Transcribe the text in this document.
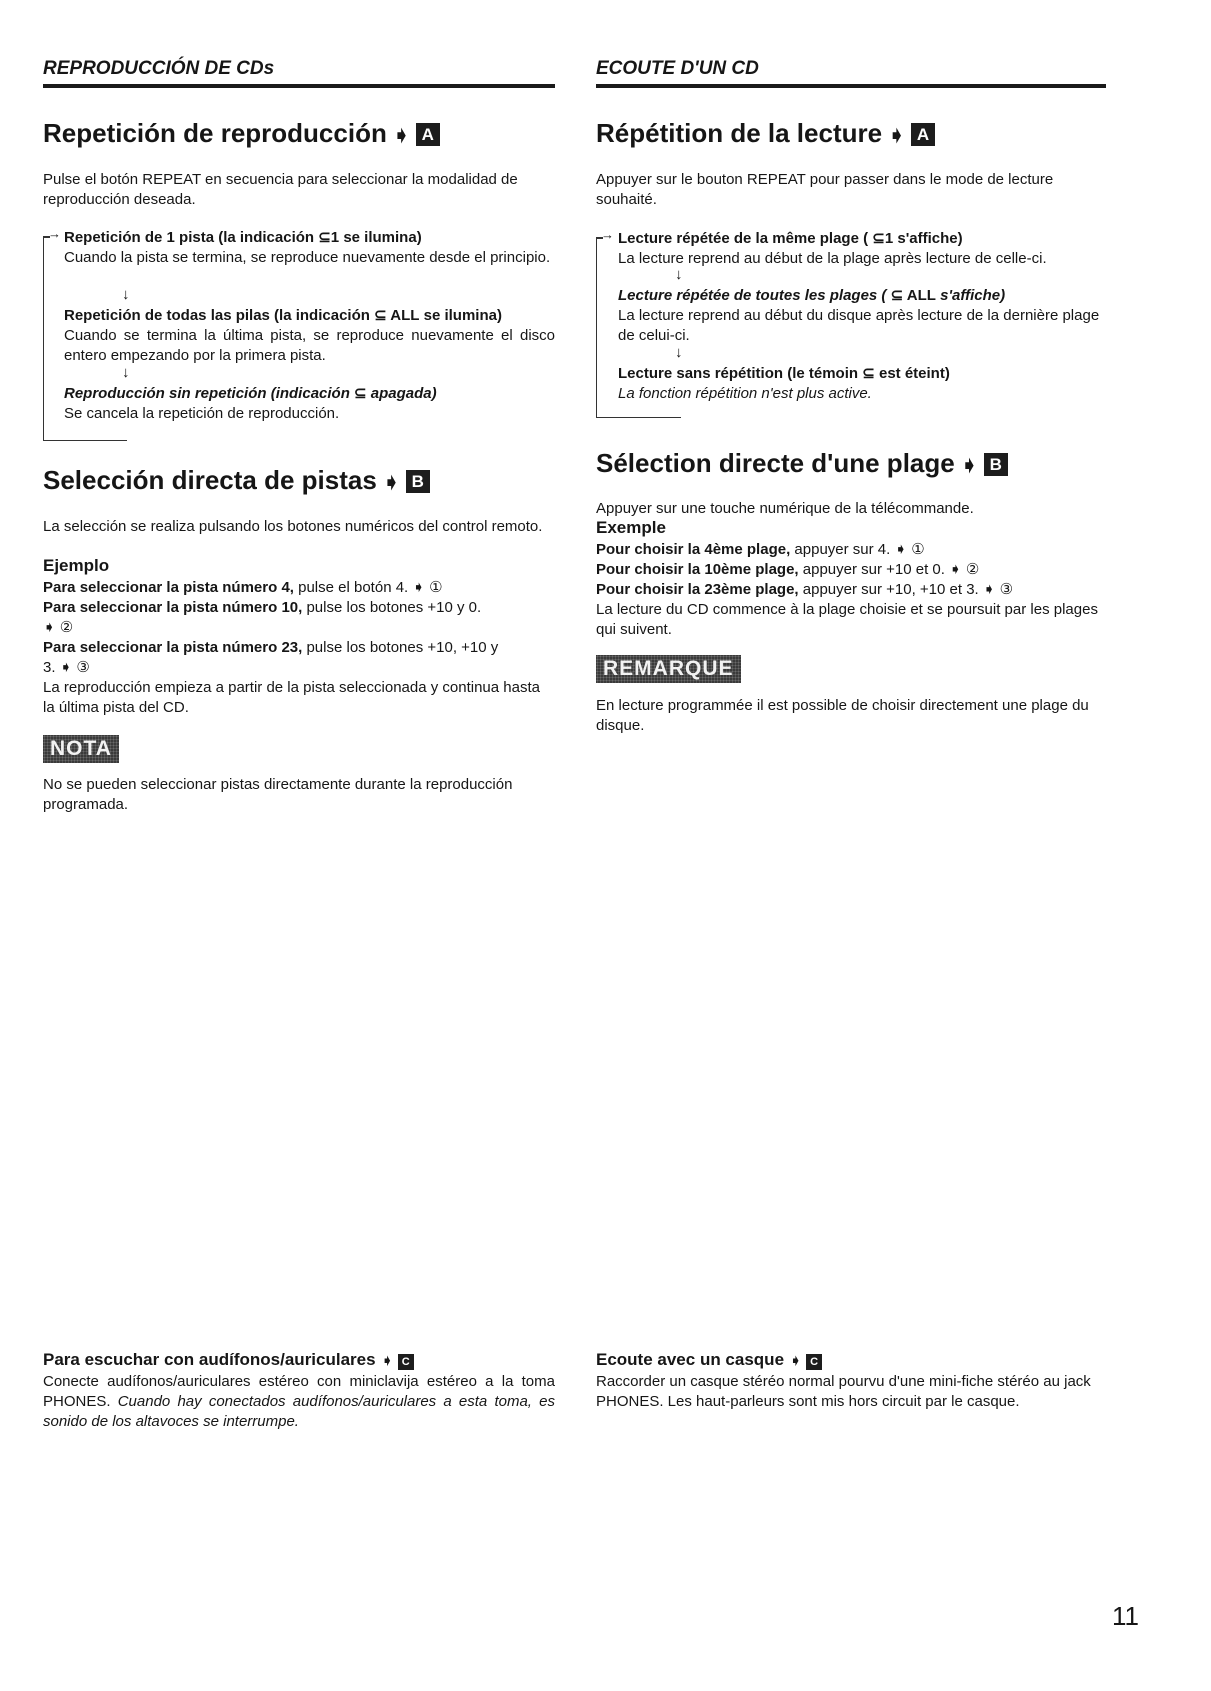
REPRODUCCIÓN DE CDs
Repetición de reproducción ➧ A
Pulse el botón REPEAT en secuencia para seleccionar la modalidad de reproducción deseada.
→ Repetición de 1 pista (la indicación ⊆1 se ilumina)

Cuando la pista se termina, se reproduce nuevamente desde el principio.
↓
Repetición de todas las pilas (la indicación ⊆ ALL se ilumina)

Cuando se termina la última pista, se reproduce nuevamente el disco entero empezando por la primera pista.
↓
Reproducción sin repetición (indicación ⊆ apagada)
Se cancela la repetición de reproducción.
Selección directa de pistas ➧ B
La selección se realiza pulsando los botones numéricos del control remoto.
Ejemplo
Para seleccionar la pista número 4, pulse el botón 4. ➧ ①
Para seleccionar la pista número 10, pulse los botones +10 y 0.
➧ ②
Para seleccionar la pista número 23, pulse los botones +10, +10 y
3. ➧ ③
La reproducción empieza a partir de la pista seleccionada y continua hasta la última pista del CD.
NOTA
No se pueden seleccionar pistas directamente durante la reproducción programada.
Para escuchar con audífonos/auriculares ➧ C
Conecte audífonos/auriculares estéreo con miniclavija estéreo a la toma PHONES. Cuando hay conectados audífonos/auriculares a esta toma, es sonido de los altavoces se interrumpe.
ECOUTE D'UN CD
Répétition de la lecture ➧ A
Appuyer sur le bouton REPEAT pour passer dans le mode de lecture souhaité.
→ Lecture répétée de la même plage ( ⊆1 s'affiche)
La lecture reprend au début de la plage après lecture de celle-ci.
↓
Lecture répétée de toutes les plages ( ⊆ ALL s'affiche)
La lecture reprend au début du disque après lecture de la dernière plage de celui-ci.
↓
Lecture sans répétition (le témoin ⊆ est éteint)
La fonction répétition n'est plus active.
Sélection directe d'une plage ➧ B
Appuyer sur une touche numérique de la télécommande.
Exemple
Pour choisir la 4ème plage, appuyer sur 4. ➧ ①
Pour choisir la 10ème plage, appuyer sur +10 et 0. ➧ ②
Pour choisir la 23ème plage, appuyer sur +10, +10 et 3. ➧ ③
La lecture du CD commence à la plage choisie et se poursuit par les plages qui suivent.
REMARQUE
En lecture programmée il est possible de choisir directement une plage du disque.
Ecoute avec un casque ➧ C
Raccorder un casque stéréo normal pourvu d'une mini-fiche stéréo au jack PHONES. Les haut-parleurs sont mis hors circuit par le casque.
11
